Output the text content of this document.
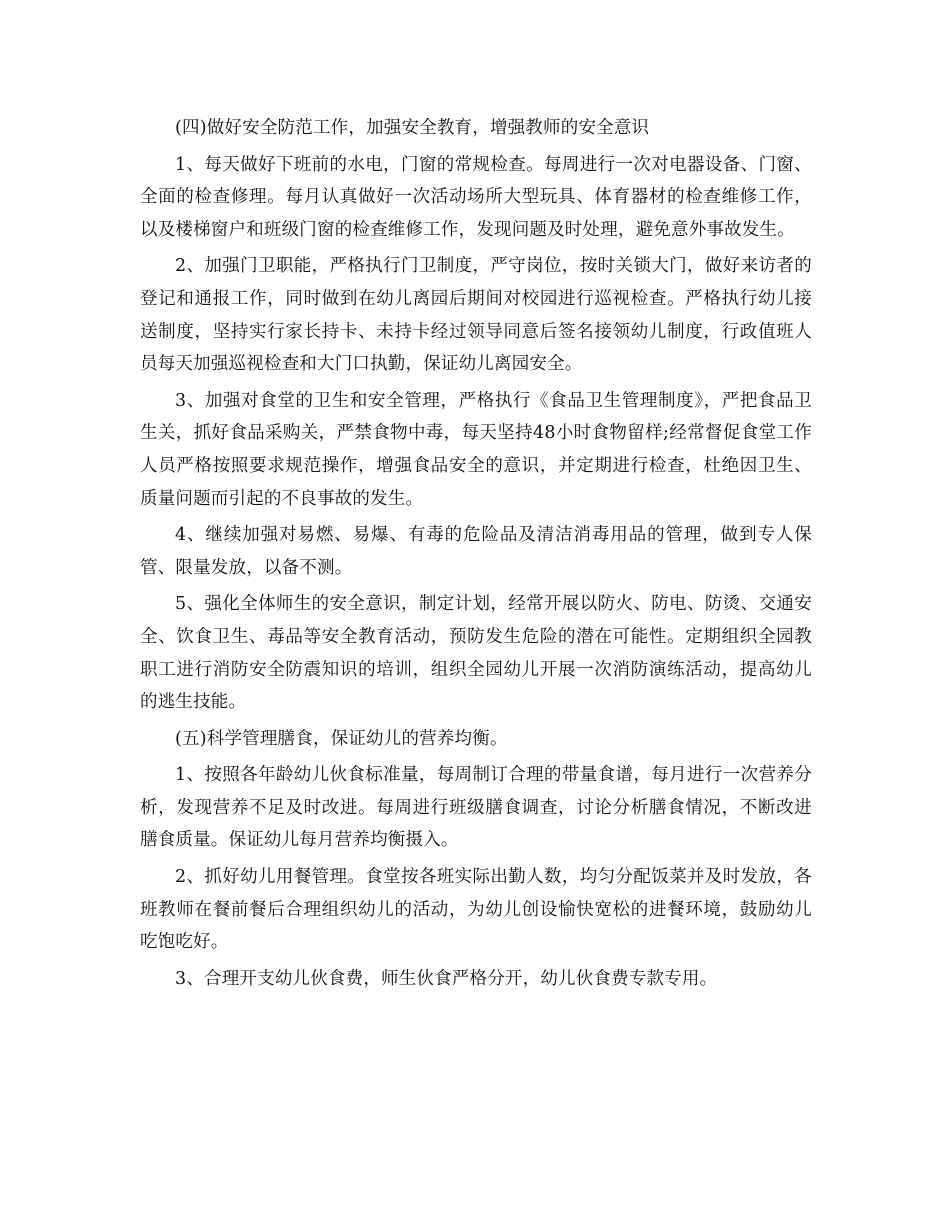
(四)做好安全防范工作，加强安全教育，增强教师的安全意识

1、每天做好下班前的水电，门窗的常规检查。每周进行一次对电器设备、门窗、全面的检查修理。每月认真做好一次活动场所大型玩具、体育器材的检查维修工作，以及楼梯窗户和班级门窗的检查维修工作，发现问题及时处理，避免意外事故发生。

2、加强门卫职能，严格执行门卫制度，严守岗位，按时关锁大门，做好来访者的登记和通报工作，同时做到在幼儿离园后期间对校园进行巡视检查。严格执行幼儿接送制度，坚持实行家长持卡、未持卡经过领导同意后签名接领幼儿制度，行政值班人员每天加强巡视检查和大门口执勤，保证幼儿离园安全。

3、加强对食堂的卫生和安全管理，严格执行《食品卫生管理制度》，严把食品卫生关，抓好食品采购关，严禁食物中毒，每天坚持48小时食物留样;经常督促食堂工作人员严格按照要求规范操作，增强食品安全的意识，并定期进行检查，杜绝因卫生、质量问题而引起的不良事故的发生。

4、继续加强对易燃、易爆、有毒的危险品及清洁消毒用品的管理，做到专人保管、限量发放，以备不测。

5、强化全体师生的安全意识，制定计划，经常开展以防火、防电、防烫、交通安全、饮食卫生、毒品等安全教育活动，预防发生危险的潜在可能性。定期组织全园教职工进行消防安全防震知识的培训，组织全园幼儿开展一次消防演练活动，提高幼儿的逃生技能。

(五)科学管理膳食，保证幼儿的营养均衡。

1、按照各年龄幼儿伙食标准量，每周制订合理的带量食谱，每月进行一次营养分析，发现营养不足及时改进。每周进行班级膳食调查，讨论分析膳食情况，不断改进膳食质量。保证幼儿每月营养均衡摄入。

2、抓好幼儿用餐管理。食堂按各班实际出勤人数，均匀分配饭菜并及时发放，各班教师在餐前餐后合理组织幼儿的活动，为幼儿创设愉快宽松的进餐环境，鼓励幼儿吃饱吃好。

3、合理开支幼儿伙食费，师生伙食严格分开，幼儿伙食费专款专用。
